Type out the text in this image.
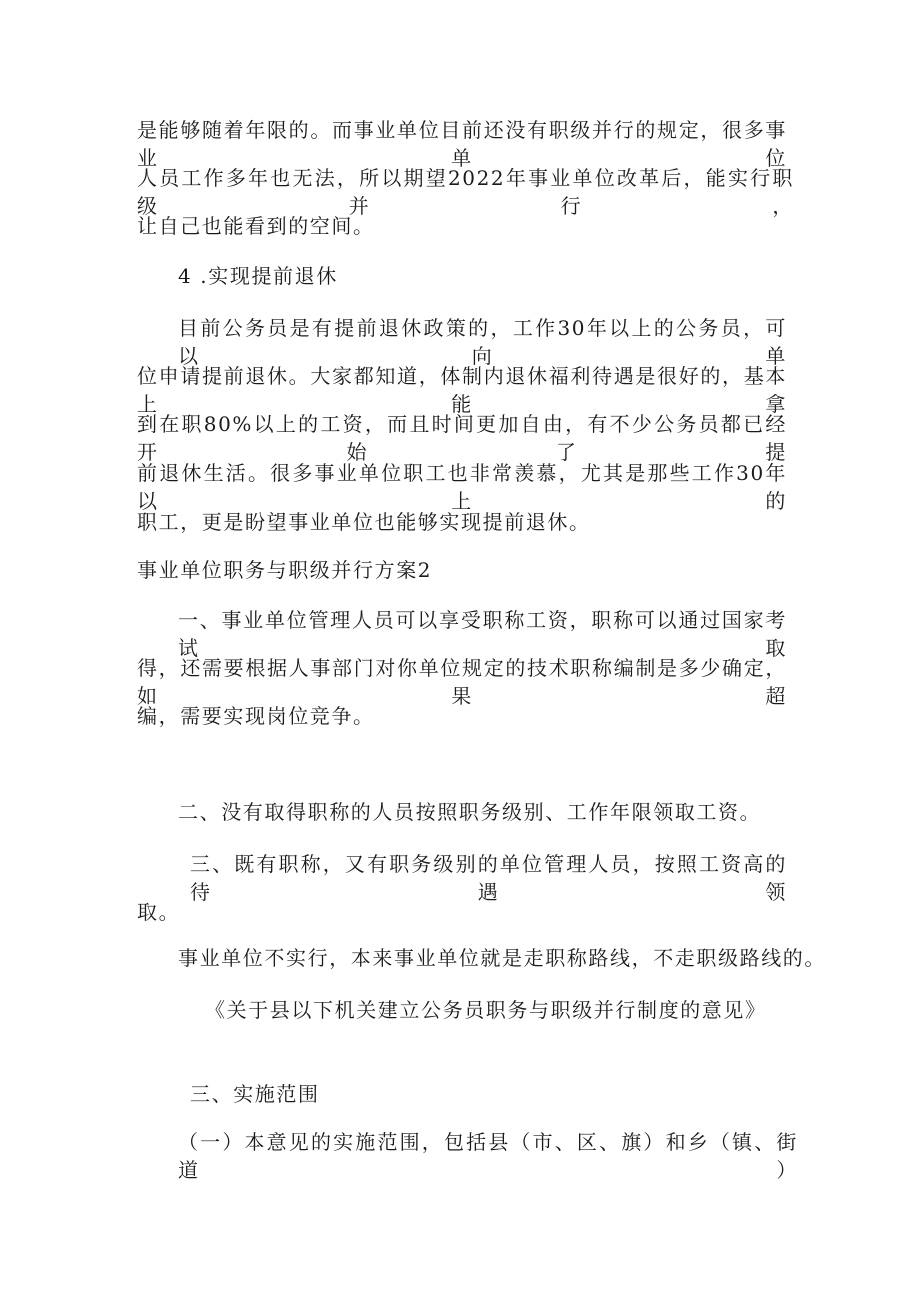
是能够随着年限的。而事业单位目前还没有职级并行的规定，很多事业单位
人员工作多年也无法，所以期望2022年事业单位改革后，能实行职级并行，
让自己也能看到的空间。
4 .实现提前退休
目前公务员是有提前退休政策的，工作30年以上的公务员，可以向单
位申请提前退休。大家都知道，体制内退休福利待遇是很好的，基本上能拿
到在职80%以上的工资，而且时间更加自由，有不少公务员都已经开始了提
前退休生活。很多事业单位职工也非常羡慕，尤其是那些工作30年以上的
职工，更是盼望事业单位也能够实现提前退休。
事业单位职务与职级并行方案2
一、事业单位管理人员可以享受职称工资，职称可以通过国家考试取
得，还需要根据人事部门对你单位规定的技术职称编制是多少确定，如果超
编，需要实现岗位竞争。
二、没有取得职称的人员按照职务级别、工作年限领取工资。
三、既有职称，又有职务级别的单位管理人员，按照工资高的待遇领
取。
事业单位不实行，本来事业单位就是走职称路线，不走职级路线的。
《关于县以下机关建立公务员职务与职级并行制度的意见》
三、实施范围
（一）本意见的实施范围，包括县（市、区、旗）和乡（镇、街道）
